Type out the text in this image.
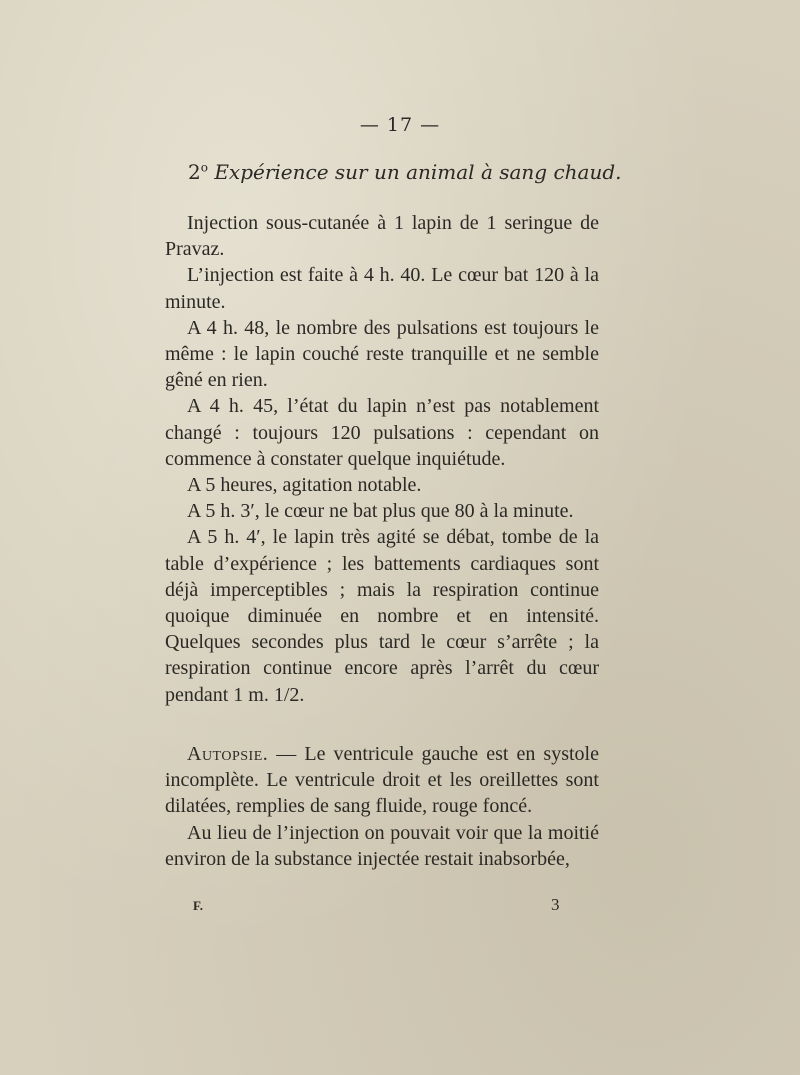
— 17 —
2$^o$ Expérience sur un animal à sang chaud.

Injection sous-cutanée à 1 lapin de 1 seringue de Pravaz.

L’injection est faite à 4 h. 40. Le cœur bat 120 à la minute.

A 4 h. 48, le nombre des pulsations est toujours le même : le lapin couché reste tranquille et ne semble gêné en rien.

A 4 h. 45, l’état du lapin n’est pas notablement changé : toujours 120 pulsations : cependant on commence à constater quelque inquiétude.

A 5 heures, agitation notable.

A 5 h. 3′, le cœur ne bat plus que 80 à la minute.

A 5 h. 4′, le lapin très agité se débat, tombe de la table d’expérience ; les battements cardiaques sont déjà imperceptibles ; mais la respiration continue quoique diminuée en nombre et en intensité. Quelques secondes plus tard le cœur s’arrête ; la respiration continue encore après l’arrêt du cœur pendant 1 m. 1/2.

Autopsie. — Le ventricule gauche est en systole incomplète. Le ventricule droit et les oreillettes sont dilatées, remplies de sang fluide, rouge foncé.

Au lieu de l’injection on pouvait voir que la moitié environ de la substance injectée restait inabsorbée,

F.	3
